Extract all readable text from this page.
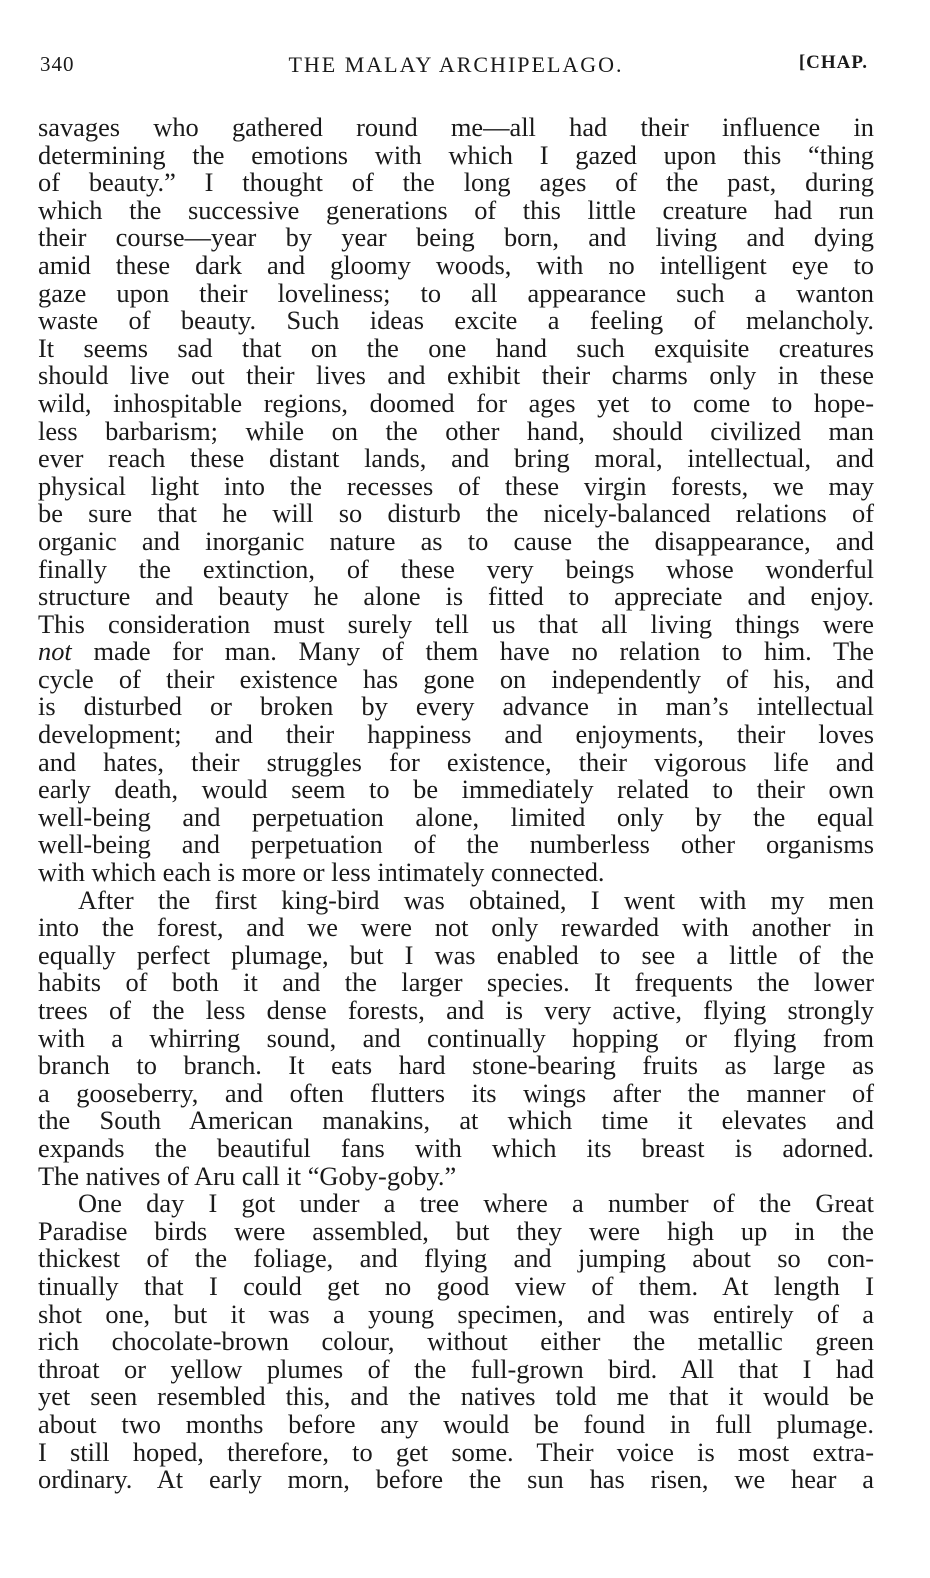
340	THE MALAY ARCHIPELAGO.	[CHAP.

savages who gathered round me—all had their influence in
determining the emotions with which I gazed upon this “thing
of beauty.” I thought of the long ages of the past, during
which the successive generations of this little creature had run
their course—year by year being born, and living and dying
amid these dark and gloomy woods, with no intelligent eye to
gaze upon their loveliness; to all appearance such a wanton
waste of beauty. Such ideas excite a feeling of melancholy.
It seems sad that on the one hand such exquisite creatures
should live out their lives and exhibit their charms only in these
wild, inhospitable regions, doomed for ages yet to come to hope-
less barbarism; while on the other hand, should civilized man
ever reach these distant lands, and bring moral, intellectual, and
physical light into the recesses of these virgin forests, we may
be sure that he will so disturb the nicely-balanced relations of
organic and inorganic nature as to cause the disappearance, and
finally the extinction, of these very beings whose wonderful
structure and beauty he alone is fitted to appreciate and enjoy.
This consideration must surely tell us that all living things were
not made for man. Many of them have no relation to him. The
cycle of their existence has gone on independently of his, and
is disturbed or broken by every advance in man’s intellectual
development; and their happiness and enjoyments, their loves
and hates, their struggles for existence, their vigorous life and
early death, would seem to be immediately related to their own
well-being and perpetuation alone, limited only by the equal
well-being and perpetuation of the numberless other organisms
with which each is more or less intimately connected.

After the first king-bird was obtained, I went with my men
into the forest, and we were not only rewarded with another in
equally perfect plumage, but I was enabled to see a little of the
habits of both it and the larger species. It frequents the lower
trees of the less dense forests, and is very active, flying strongly
with a whirring sound, and continually hopping or flying from
branch to branch. It eats hard stone-bearing fruits as large as
a gooseberry, and often flutters its wings after the manner of
the South American manakins, at which time it elevates and
expands the beautiful fans with which its breast is adorned.
The natives of Aru call it “Goby-goby.”

One day I got under a tree where a number of the Great
Paradise birds were assembled, but they were high up in the
thickest of the foliage, and flying and jumping about so con-
tinually that I could get no good view of them. At length I
shot one, but it was a young specimen, and was entirely of a
rich chocolate-brown colour, without either the metallic green
throat or yellow plumes of the full-grown bird. All that I had
yet seen resembled this, and the natives told me that it would be
about two months before any would be found in full plumage.
I still hoped, therefore, to get some. Their voice is most extra-
ordinary. At early morn, before the sun has risen, we hear a
